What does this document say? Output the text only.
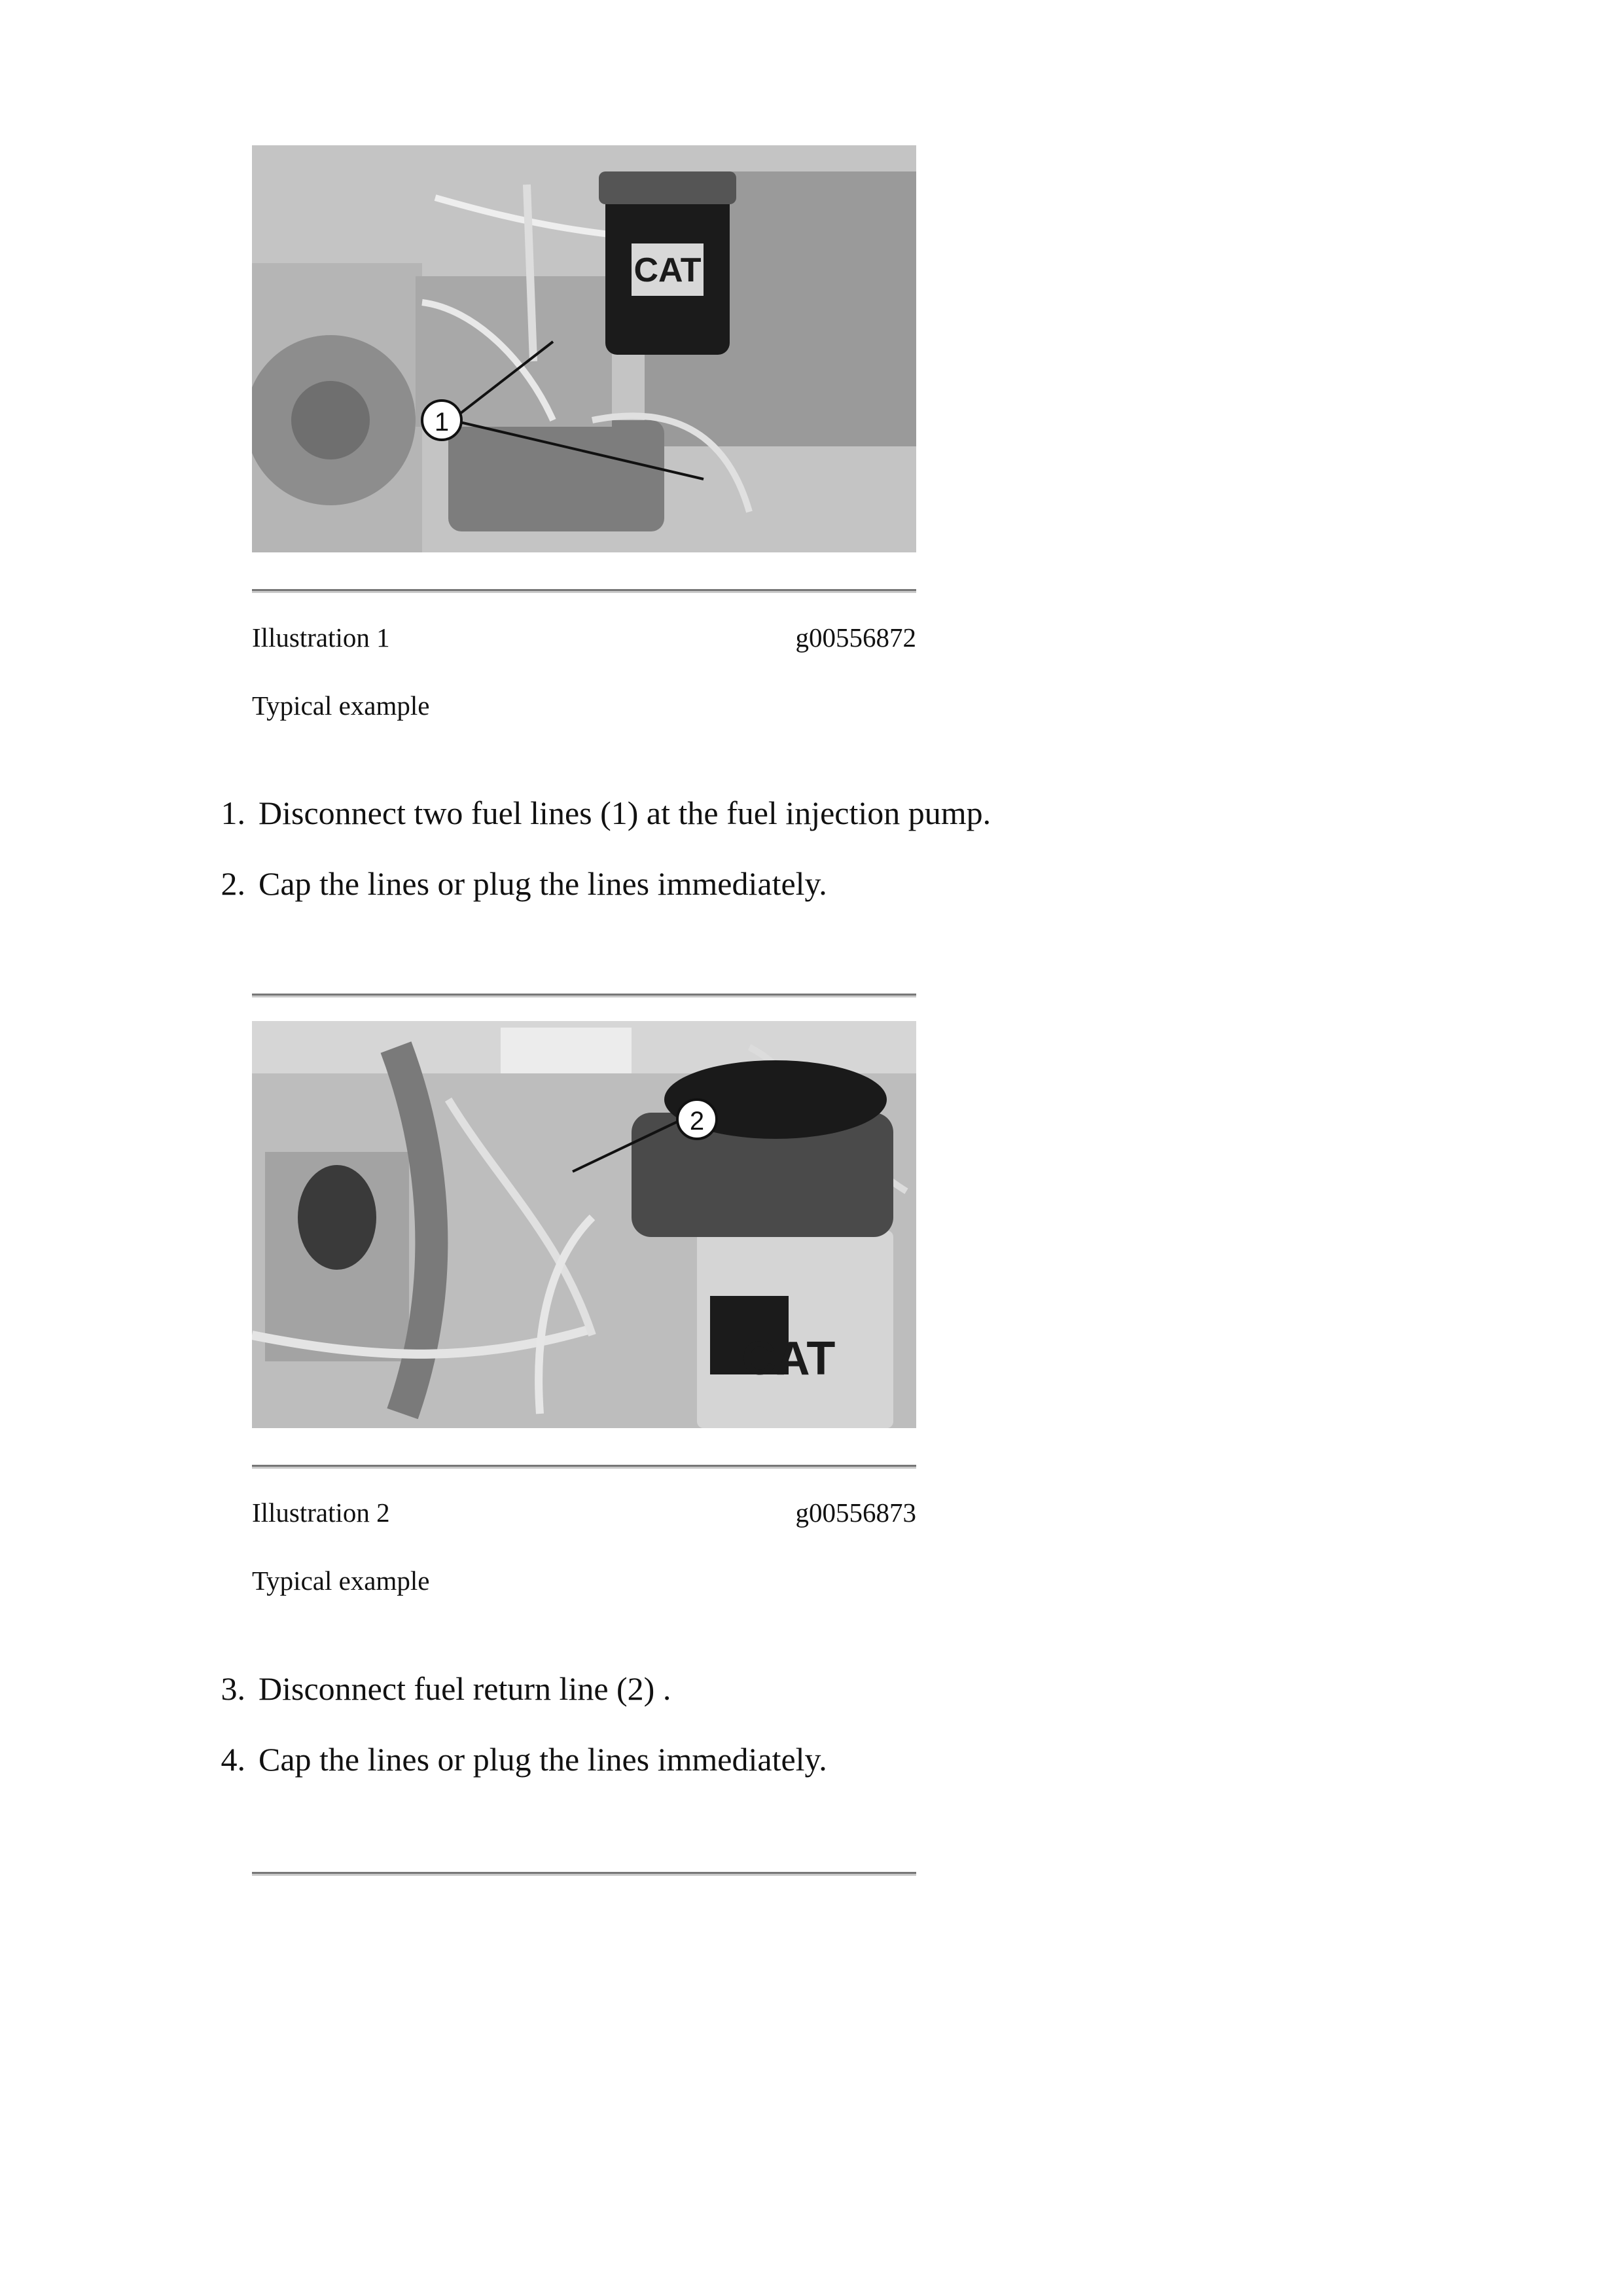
CAT
1
Illustration 1	g00556872
Typical example
1. Disconnect two fuel lines (1) at the fuel injection pump.
2. Cap the lines or plug the lines immediately.
CAT
2
Illustration 2	g00556873
Typical example
3. Disconnect fuel return line (2) .
4. Cap the lines or plug the lines immediately.
